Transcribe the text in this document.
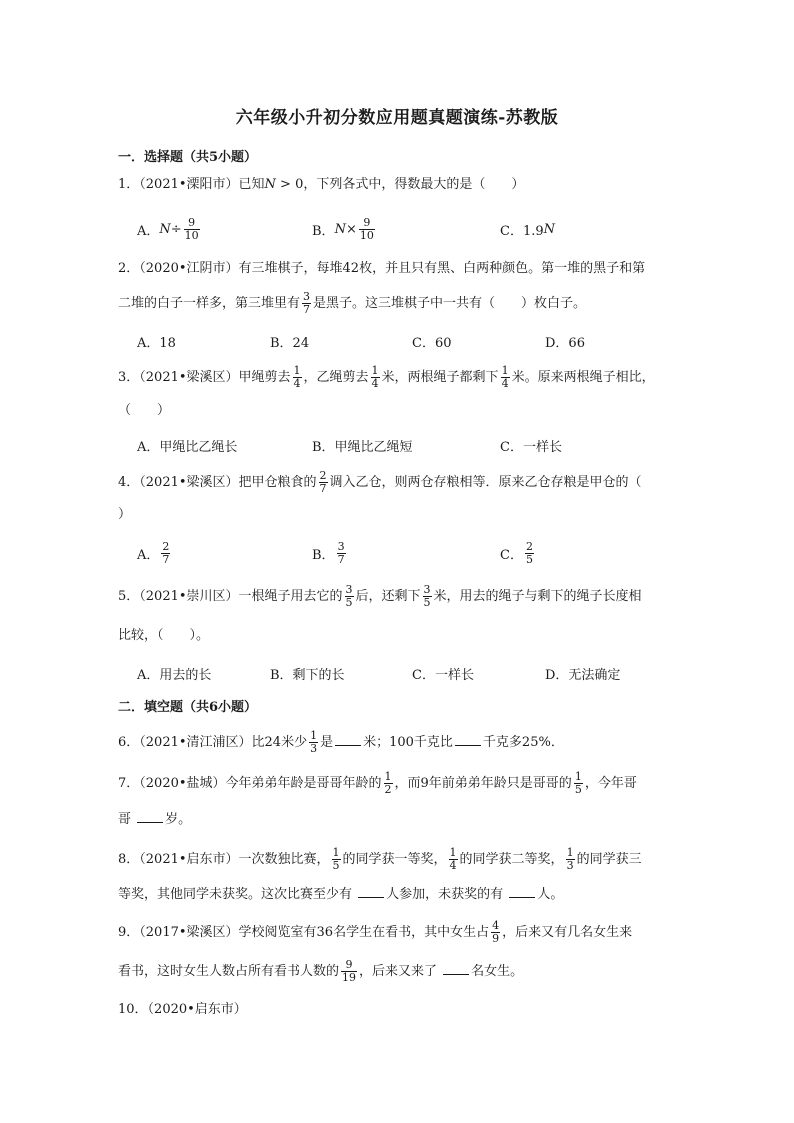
六年级小升初分数应用题真题演练-苏教版
一．选择题（共5小题）
1．（2021•溧阳市）已知N > 0，下列各式中，得数最大的是（　　）
A． $N \div \frac{9}{10}$	B． $N \times \frac{9}{10}$	C．1.9 N
2．（2020•江阴市）有三堆棋子，每堆42枚，并且只有黑、白两种颜色。第一堆的黑子和第
二堆的白子一样多，第三堆里有 $\frac{3}{7}$ 是黑子。这三堆棋子中一共有（　　）枚白子。
A．18	B．24	C．60	D．66
3．（2021•梁溪区）甲绳剪去 $\frac{1}{4}$ ，乙绳剪去 $\frac{1}{4}$ 米，两根绳子都剩下 $\frac{1}{4}$ 米。原来两根绳子相比，
（　　）
A．甲绳比乙绳长	B．甲绳比乙绳短	C．一样长
4．（2021•梁溪区）把甲仓粮食的 $\frac{2}{7}$ 调入乙仓，则两仓存粮相等．原来乙仓存粮是甲仓的（
）
A． $\frac{2}{7}$	B． $\frac{3}{7}$	C． $\frac{2}{5}$
5．（2021•崇川区）一根绳子用去它的 $\frac{3}{5}$ 后，还剩下 $\frac{3}{5}$ 米，用去的绳子与剩下的绳子长度相
比较，（　　）。
A．用去的长	B．剩下的长	C．一样长	D．无法确定
二．填空题（共6小题）
6．（2021•清江浦区）比24米少 $\frac{1}{3}$ 是 米；100千克比 千克多25%．
7．（2020•盐城）今年弟弟年龄是哥哥年龄的 $\frac{1}{2}$ ，而9年前弟弟年龄只是哥哥的 $\frac{1}{5}$ ，今年哥
哥	岁。
8．（2021•启东市）一次数独比赛， $\frac{1}{5}$ 的同学获一等奖， $\frac{1}{4}$ 的同学获二等奖， $\frac{1}{3}$ 的同学获三
等奖，其他同学未获奖。这次比赛至少有	人参加，未获奖的有	人。
9．（2017•梁溪区）学校阅览室有36名学生在看书，其中女生占 $\frac{4}{9}$ ，后来又有几名女生来
看书，这时女生人数占所有看书人数的 $\frac{9}{19}$ ，后来又来了	名女生。
10．（2020•启东市）
